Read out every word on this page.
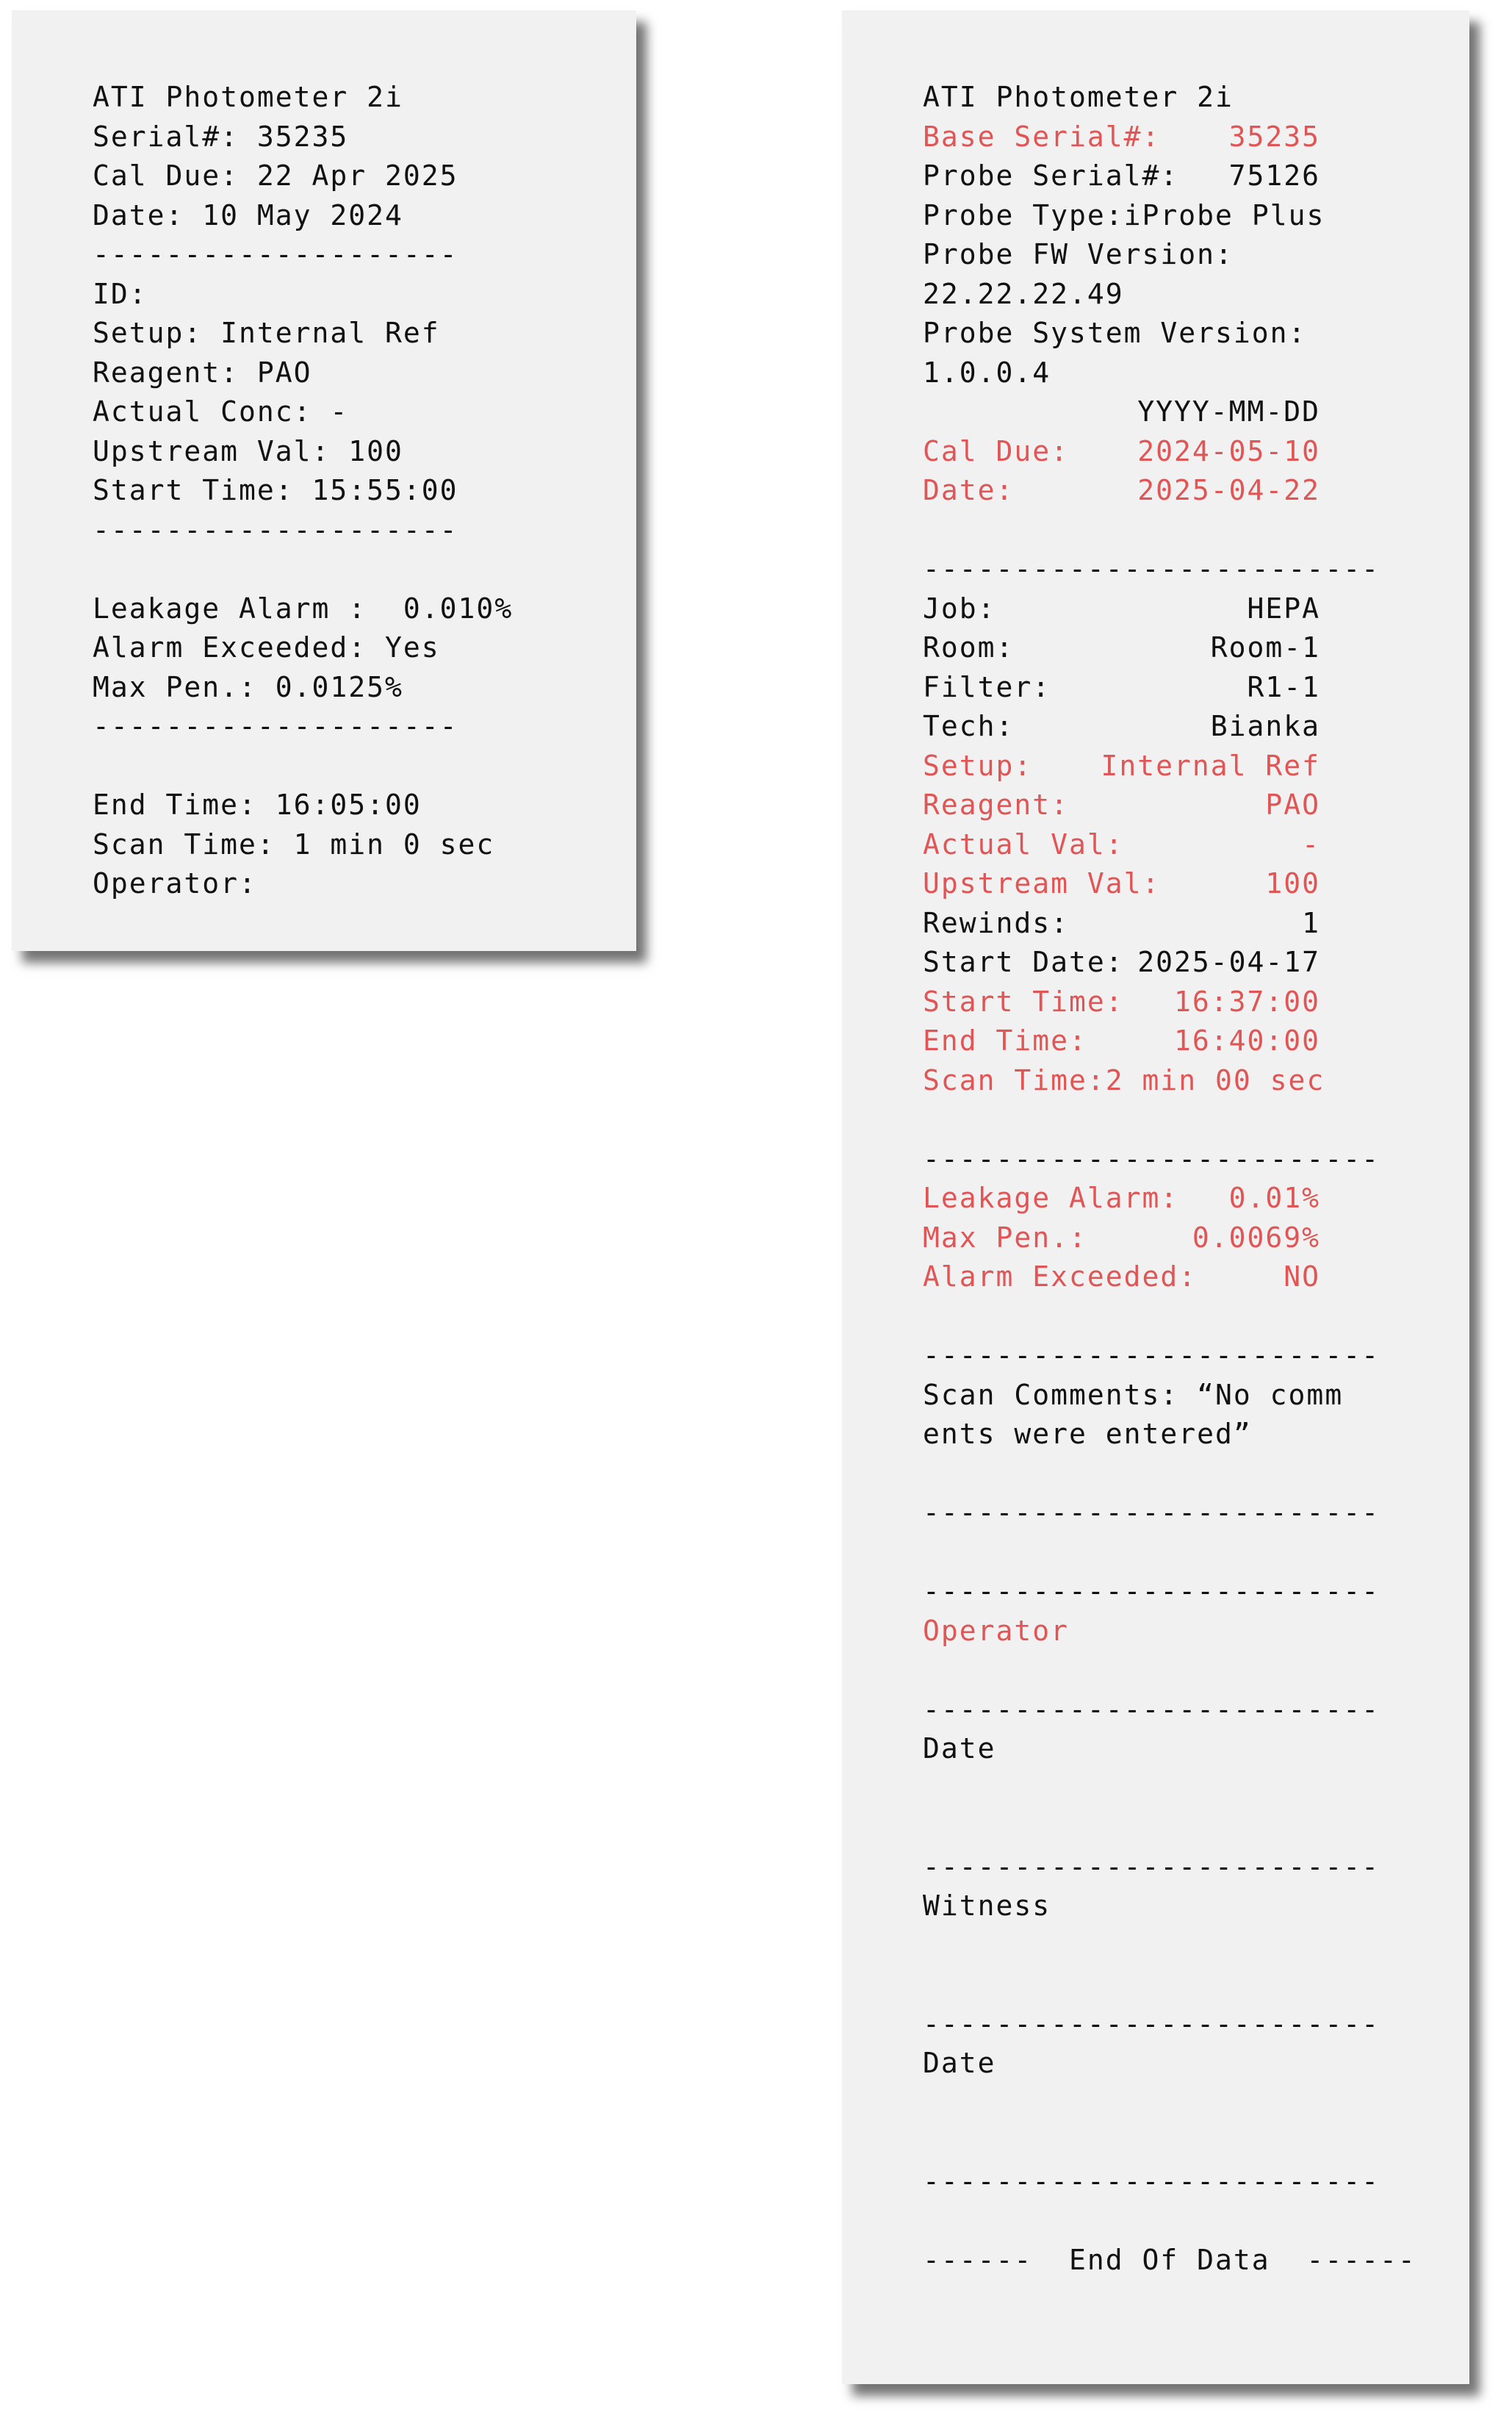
ATI Photometer 2i
Serial#: 35235
Cal Due: 22 Apr 2025
Date: 10 May 2024
--------------------
ID:
Setup: Internal Ref
Reagent: PAO
Actual Conc: -
Upstream Val: 100
Start Time: 15:55:00
--------------------
Leakage Alarm :  0.010%
Alarm Exceeded: Yes
Max Pen.: 0.0125%
--------------------
End Time: 16:05:00
Scan Time: 1 min 0 sec
Operator:
ATI Photometer 2i
Base Serial#: 35235
Probe Serial#: 75126
Probe Type: iProbe Plus
Probe FW Version:
22.22.22.49
Probe System Version:
1.0.0.4
YYYY-MM-DD
Cal Due: 2024-05-10
Date:	2025-04-22
-------------------------
Job:	HEPA
Room:	Room-1
Filter:	R1-1
Tech:	Bianka
Setup: Internal Ref
Reagent:	PAO
Actual Val:	-
Upstream Val:	100
Rewinds:	1
Start Date: 2025-04-17
Start Time: 16:37:00
End Time:	16:40:00
Scan Time: 2 min 00 sec
-------------------------
Leakage Alarm: 0.01%
Max Pen.:	0.0069%
Alarm Exceeded:	NO
-------------------------
Scan Comments: “No comm
ents were entered”
-------------------------
-------------------------
Operator
-------------------------
Date
-------------------------
Witness
-------------------------
Date
-------------------------
------  End Of Data  ------
